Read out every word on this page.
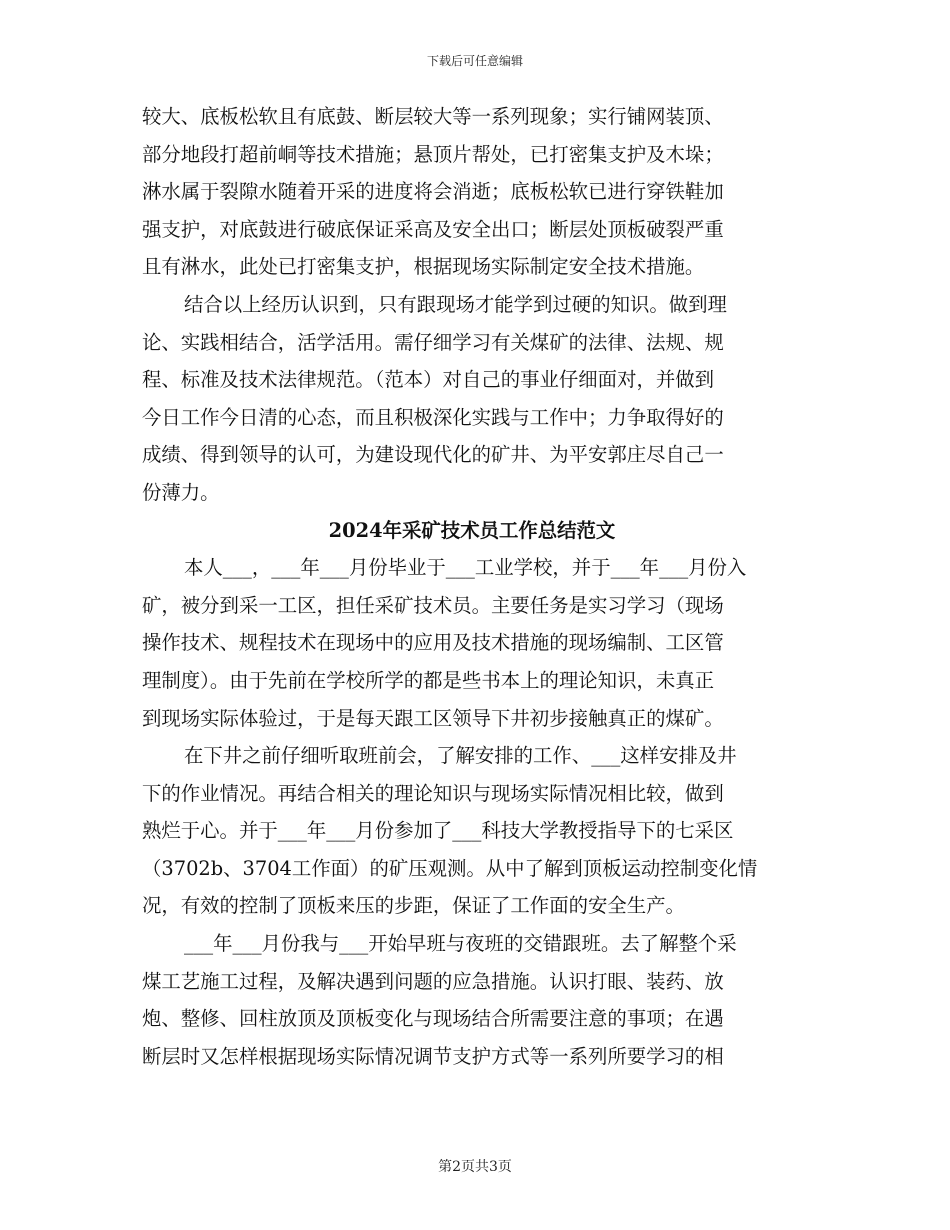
下载后可任意编辑
较大、底板松软且有底鼓、断层较大等一系列现象；实行铺网装顶、
部分地段打超前峒等技术措施；悬顶片帮处，已打密集支护及木垛；
淋水属于裂隙水随着开采的进度将会消逝；底板松软已进行穿铁鞋加
强支护，对底鼓进行破底保证采高及安全出口；断层处顶板破裂严重
且有淋水，此处已打密集支护，根据现场实际制定安全技术措施。
结合以上经历认识到，只有跟现场才能学到过硬的知识。做到理
论、实践相结合，活学活用。需仔细学习有关煤矿的法律、法规、规
程、标准及技术法律规范。（范本）对自己的事业仔细面对，并做到
今日工作今日清的心态，而且积极深化实践与工作中；力争取得好的
成绩、得到领导的认可，为建设现代化的矿井、为平安郭庄尽自己一
份薄力。
2024年采矿技术员工作总结范文
本人___，___年___月份毕业于___工业学校，并于___年___月份入
矿，被分到采一工区，担任采矿技术员。主要任务是实习学习（现场
操作技术、规程技术在现场中的应用及技术措施的现场编制、工区管
理制度）。由于先前在学校所学的都是些书本上的理论知识，未真正
到现场实际体验过，于是每天跟工区领导下井初步接触真正的煤矿。
在下井之前仔细听取班前会，了解安排的工作、___这样安排及井
下的作业情况。再结合相关的理论知识与现场实际情况相比较，做到
熟烂于心。并于___年___月份参加了___科技大学教授指导下的七采区
（3702b、3704工作面）的矿压观测。从中了解到顶板运动控制变化情
况，有效的控制了顶板来压的步距，保证了工作面的安全生产。
___年___月份我与___开始早班与夜班的交错跟班。去了解整个采
煤工艺施工过程，及解决遇到问题的应急措施。认识打眼、装药、放
炮、整修、回柱放顶及顶板变化与现场结合所需要注意的事项；在遇
断层时又怎样根据现场实际情况调节支护方式等一系列所要学习的相
第2页共3页
